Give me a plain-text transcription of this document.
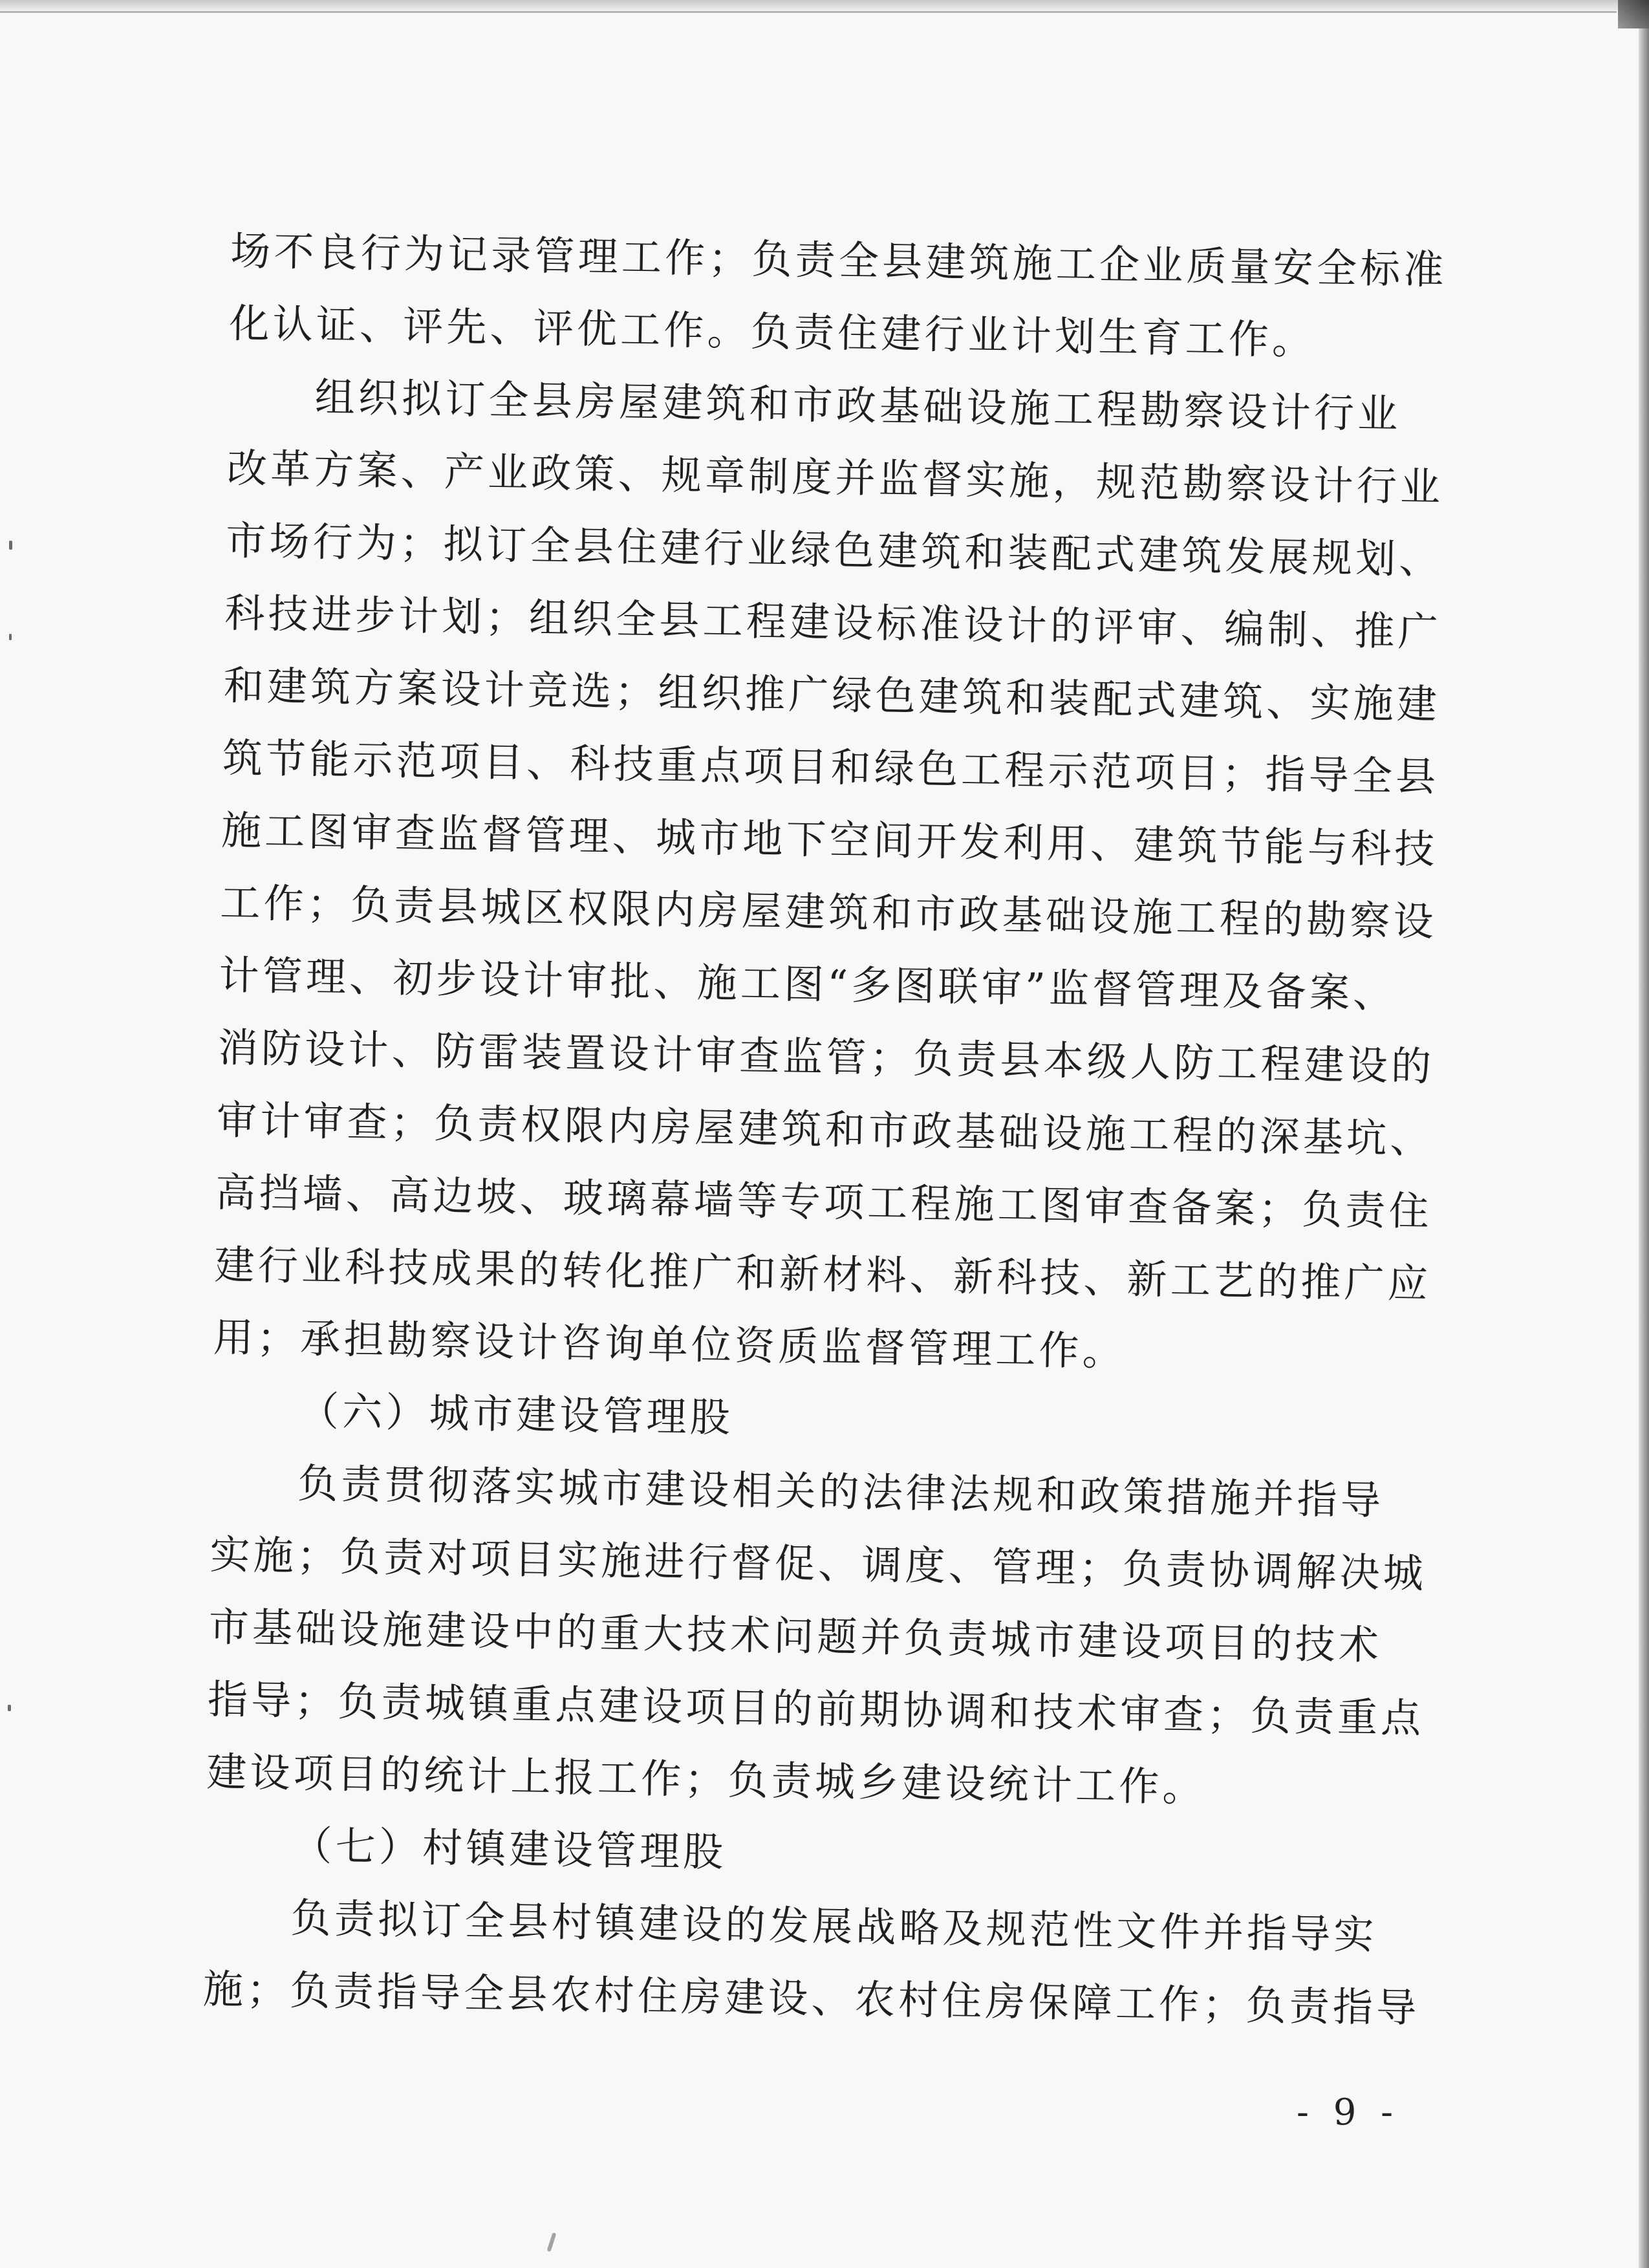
场不良行为记录管理工作；负责全县建筑施工企业质量安全标准
化认证、评先、评优工作。负责住建行业计划生育工作。
组织拟订全县房屋建筑和市政基础设施工程勘察设计行业
改革方案、产业政策、规章制度并监督实施，规范勘察设计行业
市场行为；拟订全县住建行业绿色建筑和装配式建筑发展规划、
科技进步计划；组织全县工程建设标准设计的评审、编制、推广
和建筑方案设计竞选；组织推广绿色建筑和装配式建筑、实施建
筑节能示范项目、科技重点项目和绿色工程示范项目；指导全县
施工图审查监督管理、城市地下空间开发利用、建筑节能与科技
工作；负责县城区权限内房屋建筑和市政基础设施工程的勘察设
计管理、初步设计审批、施工图“多图联审”监督管理及备案、
消防设计、防雷装置设计审查监管；负责县本级人防工程建设的
审计审查；负责权限内房屋建筑和市政基础设施工程的深基坑、
高挡墙、高边坡、玻璃幕墙等专项工程施工图审查备案；负责住
建行业科技成果的转化推广和新材料、新科技、新工艺的推广应
用；承担勘察设计咨询单位资质监督管理工作。
（六）城市建设管理股
负责贯彻落实城市建设相关的法律法规和政策措施并指导
实施；负责对项目实施进行督促、调度、管理；负责协调解决城
市基础设施建设中的重大技术问题并负责城市建设项目的技术
指导；负责城镇重点建设项目的前期协调和技术审查；负责重点
建设项目的统计上报工作；负责城乡建设统计工作。
（七）村镇建设管理股
负责拟订全县村镇建设的发展战略及规范性文件并指导实
施；负责指导全县农村住房建设、农村住房保障工作；负责指导
- 9 -
